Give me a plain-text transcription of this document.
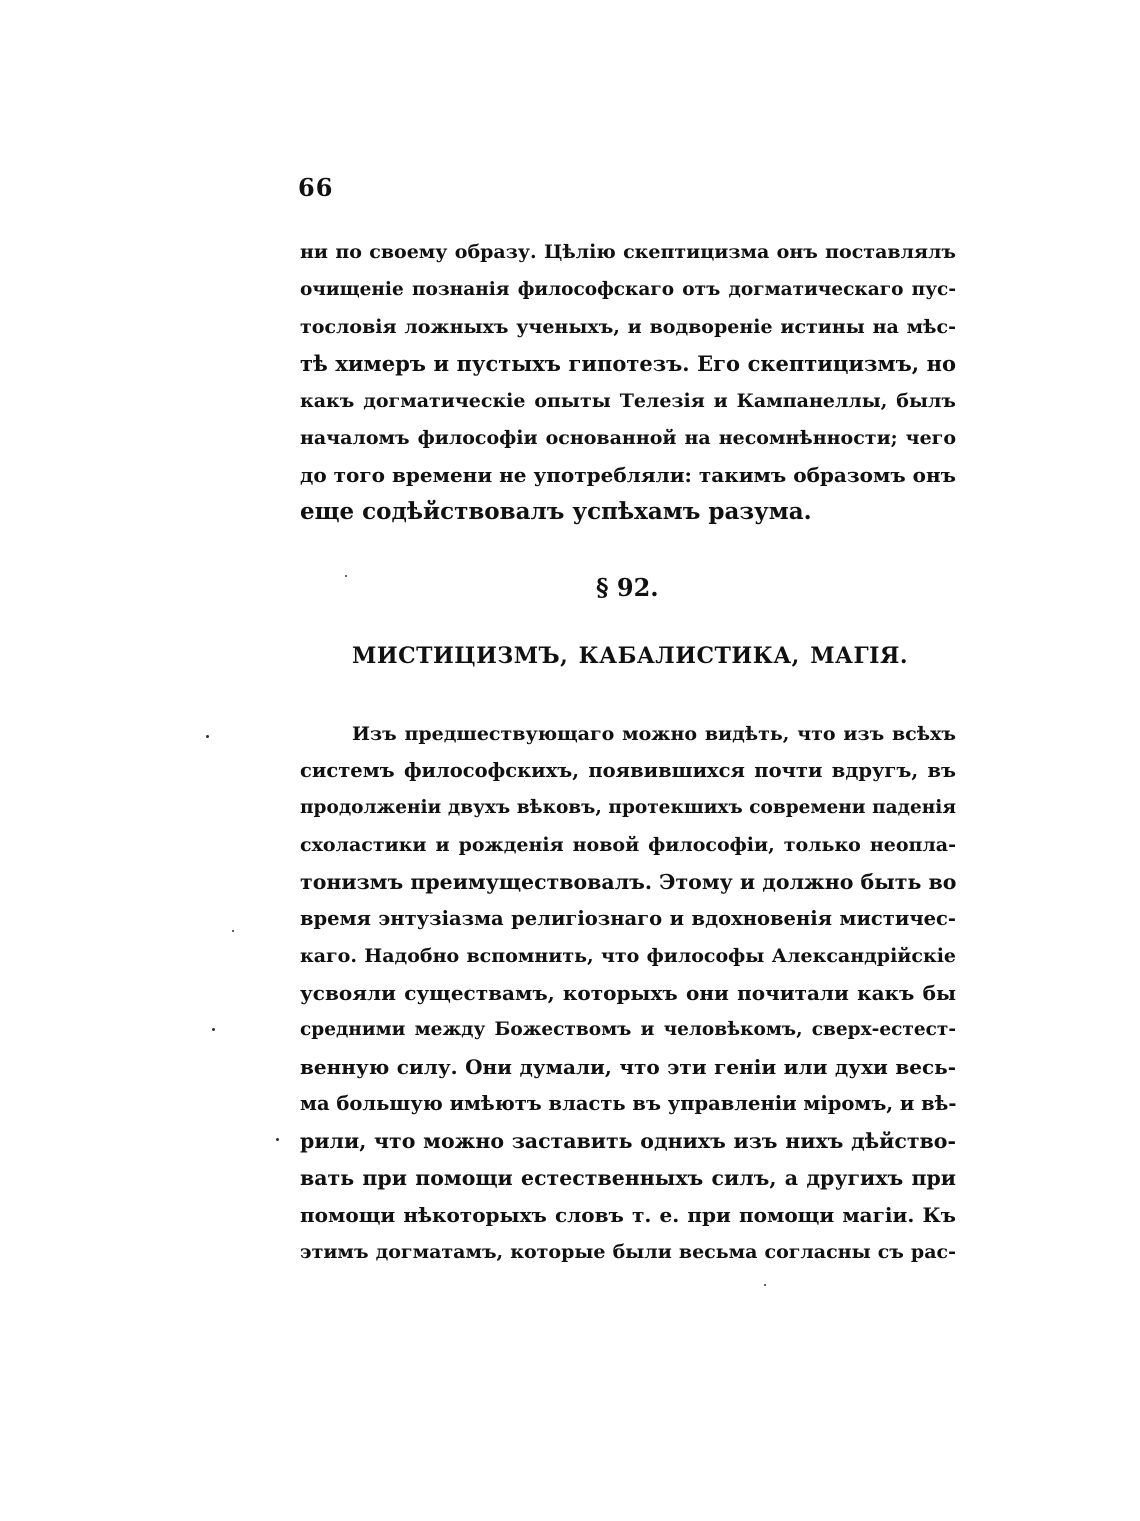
66
ни по своему образу. Цѣлію скептицизма онъ поставлялъ
очищеніе познанія философскаго отъ догматическаго пус-
тословія ложныхъ ученыхъ, и водвореніе истины на мѣс-
тѣ химеръ и пустыхъ гипотезъ. Его скептицизмъ, но
какъ догматическіе опыты Телезія и Кампанеллы, былъ
началомъ философіи основанной на несомнѣнности; чего
до того времени не употребляли: такимъ образомъ онъ
еще содѣйствовалъ успѣхамъ разума.
§ 92.
МИСТИЦИЗМЪ, КАБАЛИСТИКА, МАГІЯ.
Изъ предшествующаго можно видѣть, что изъ всѣхъ
системъ философскихъ, появившихся почти вдругъ, въ
продолженіи двухъ вѣковъ, протекшихъ современи паденія
схоластики и рожденія новой философіи, только неопла-
тонизмъ преимуществовалъ. Этому и должно быть во
время энтузіазма религіознаго и вдохновенія мистичес-
каго. Надобно вспомнить, что философы Александрійскіе
усвояли существамъ, которыхъ они почитали какъ бы
средними между Божествомъ и человѣкомъ, сверх-естест-
венную силу. Они думали, что эти геніи или духи весь-
ма большую имѣютъ власть въ управленіи міромъ, и вѣ-
рили, что можно заставить однихъ изъ нихъ дѣйство-
вать при помощи естественныхъ силъ, а другихъ при
помощи нѣкоторыхъ словъ т. е. при помощи магіи. Къ
этимъ догматамъ, которые были весьма согласны съ рас-
